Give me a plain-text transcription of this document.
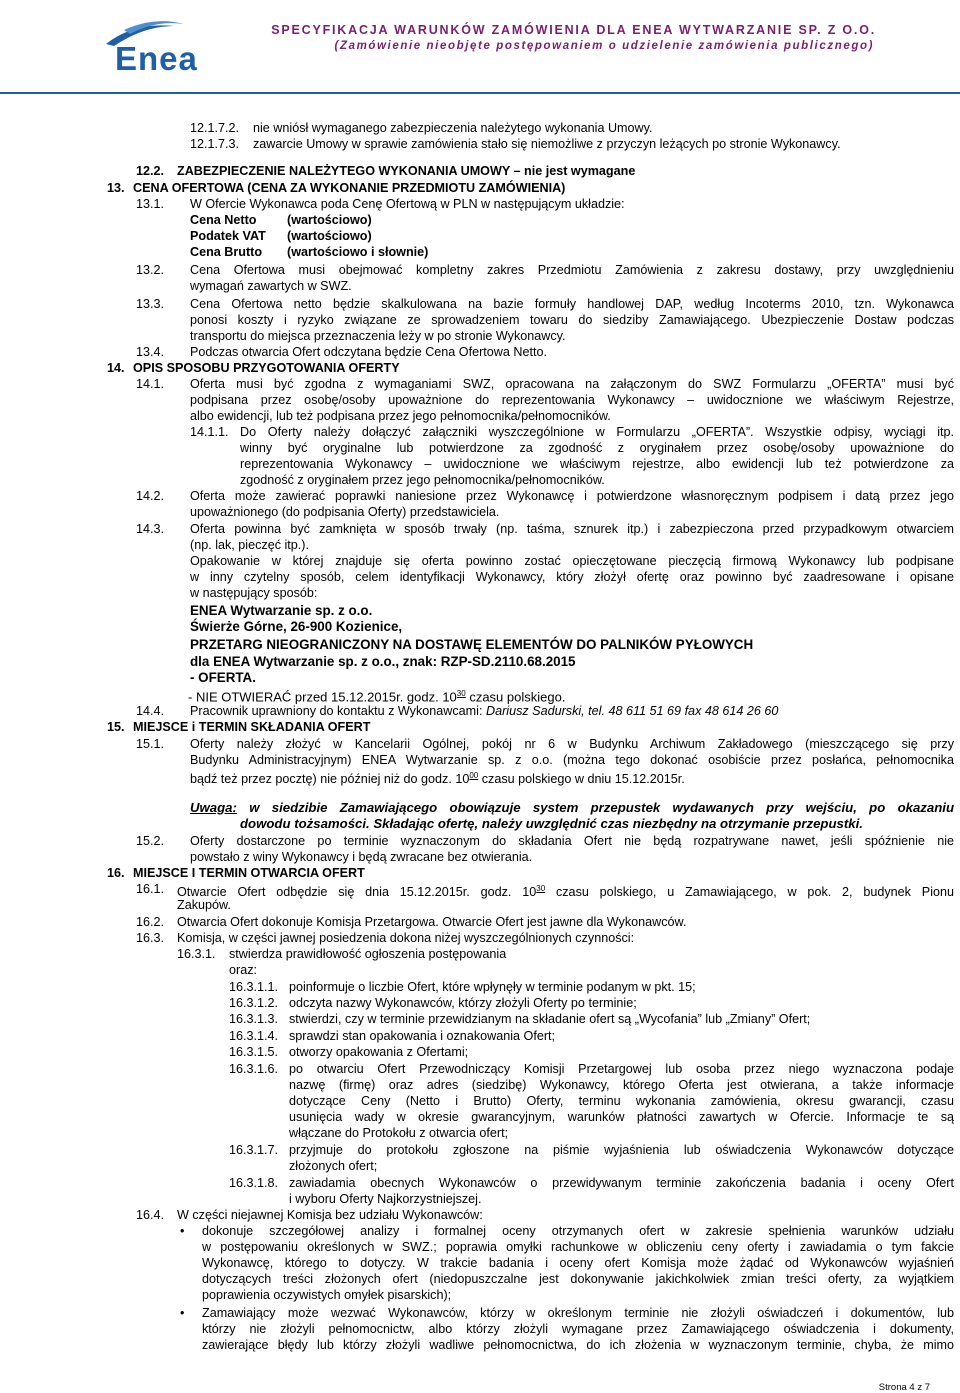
Enea
SPECYFIKACJA WARUNKÓW ZAMÓWIENIA DLA ENEA WYTWARZANIE SP. Z O.O.
(Zamówienie nieobjęte postępowaniem o udzielenie zamówienia publicznego)
12.1.7.2. nie wniósł wymaganego zabezpieczenia należytego wykonania Umowy.
12.1.7.3. zawarcie Umowy w sprawie zamówienia stało się niemożliwe z przyczyn leżących po stronie Wykonawcy.
12.2. ZABEZPIECZENIE NALEŻYTEGO WYKONANIA UMOWY – nie jest wymagane
13. CENA OFERTOWA (CENA ZA WYKONANIE PRZEDMIOTU ZAMÓWIENIA)
13.1. W Ofercie Wykonawca poda Cenę Ofertową w PLN w następującym układzie:
Cena Netto (wartościowo)
Podatek VAT (wartościowo)
Cena Brutto (wartościowo i słownie)
13.2. Cena Ofertowa musi obejmować kompletny zakres Przedmiotu Zamówienia z zakresu dostawy, przy uwzględnieniu
wymagań zawartych w SWZ.
13.3. Cena Ofertowa netto będzie skalkulowana na bazie formuły handlowej DAP, według Incoterms 2010, tzn. Wykonawca
ponosi koszty i ryzyko związane ze sprowadzeniem towaru do siedziby Zamawiającego. Ubezpieczenie Dostaw podczas
transportu do miejsca przeznaczenia leży w po stronie Wykonawcy.
13.4. Podczas otwarcia Ofert odczytana będzie Cena Ofertowa Netto.
14. OPIS SPOSOBU PRZYGOTOWANIA OFERTY
14.1. Oferta musi być zgodna z wymaganiami SWZ, opracowana na załączonym do SWZ Formularzu „OFERTA” musi być
podpisana przez osobę/osoby upoważnione do reprezentowania Wykonawcy – uwidocznione we właściwym Rejestrze,
albo ewidencji, lub też podpisana przez jego pełnomocnika/pełnomocników.
14.1.1. Do Oferty należy dołączyć załączniki wyszczególnione w Formularzu „OFERTA”. Wszystkie odpisy, wyciągi itp.
winny być oryginalne lub potwierdzone za zgodność z oryginałem przez osobę/osoby upoważnione do
reprezentowania Wykonawcy – uwidocznione we właściwym rejestrze, albo ewidencji lub też potwierdzone za
zgodność z oryginałem przez jego pełnomocnika/pełnomocników.
14.2. Oferta może zawierać poprawki naniesione przez Wykonawcę i potwierdzone własnoręcznym podpisem i datą przez jego
upoważnionego (do podpisania Oferty) przedstawiciela.
14.3. Oferta powinna być zamknięta w sposób trwały (np. taśma, sznurek itp.) i zabezpieczona przed przypadkowym otwarciem
(np. lak, pieczęć itp.).
Opakowanie w której znajduje się oferta powinno zostać opieczętowane pieczęcią firmową Wykonawcy lub podpisane
w inny czytelny sposób, celem identyfikacji Wykonawcy, który złożył ofertę oraz powinno być zaadresowane i opisane
w następujący sposób:
ENEA Wytwarzanie sp. z o.o.
Świerże Górne, 26-900 Kozienice,
PRZETARG NIEOGRANICZONY NA DOSTAWĘ ELEMENTÓW DO PALNIKÓW PYŁOWYCH
dla ENEA Wytwarzanie sp. z o.o., znak: RZP-SD.2110.68.2015
- OFERTA.
- NIE OTWIERAĆ przed 15.12.2015r. godz. $10^{30}$ czasu polskiego.
14.4. Pracownik uprawniony do kontaktu z Wykonawcami: Dariusz Sadurski, tel. 48 611 51 69 fax 48 614 26 60
15. MIEJSCE i TERMIN SKŁADANIA OFERT
15.1. Oferty należy złożyć w Kancelarii Ogólnej, pokój nr 6 w Budynku Archiwum Zakładowego (mieszczącego się przy
Budynku Administracyjnym) ENEA Wytwarzanie sp. z o.o. (można tego dokonać osobiście przez posłańca, pełnomocnika
bądź też przez pocztę) nie później niż do godz. $10^{00}$ czasu polskiego w dniu 15.12.2015r.
Uwaga: w siedzibie Zamawiającego obowiązuje system przepustek wydawanych przy wejściu, po okazaniu
dowodu tożsamości. Składając ofertę, należy uwzględnić czas niezbędny na otrzymanie przepustki.
15.2. Oferty dostarczone po terminie wyznaczonym do składania Ofert nie będą rozpatrywane nawet, jeśli spóźnienie nie
powstało z winy Wykonawcy i będą zwracane bez otwierania.
16. MIEJSCE I TERMIN OTWARCIA OFERT
16.1. Otwarcie Ofert odbędzie się dnia 15.12.2015r. godz. $10^{30}$ czasu polskiego, u Zamawiającego, w pok. 2, budynek Pionu
Zakupów.
16.2. Otwarcia Ofert dokonuje Komisja Przetargowa. Otwarcie Ofert jest jawne dla Wykonawców.
16.3. Komisja, w części jawnej posiedzenia dokona niżej wyszczególnionych czynności:
16.3.1. stwierdza prawidłowość ogłoszenia postępowania
oraz:
16.3.1.1. poinformuje o liczbie Ofert, które wpłynęły w terminie podanym w pkt. 15;
16.3.1.2. odczyta nazwy Wykonawców, którzy złożyli Oferty po terminie;
16.3.1.3. stwierdzi, czy w terminie przewidzianym na składanie ofert są „Wycofania” lub „Zmiany” Ofert;
16.3.1.4. sprawdzi stan opakowania i oznakowania Ofert;
16.3.1.5. otworzy opakowania z Ofertami;
16.3.1.6. po otwarciu Ofert Przewodniczący Komisji Przetargowej lub osoba przez niego wyznaczona podaje
nazwę (firmę) oraz adres (siedzibę) Wykonawcy, którego Oferta jest otwierana, a także informacje
dotyczące Ceny (Netto i Brutto) Oferty, terminu wykonania zamówienia, okresu gwarancji, czasu
usunięcia wady w okresie gwarancyjnym, warunków płatności zawartych w Ofercie. Informacje te są
włączane do Protokołu z otwarcia ofert;
16.3.1.7. przyjmuje do protokołu zgłoszone na piśmie wyjaśnienia lub oświadczenia Wykonawców dotyczące
złożonych ofert;
16.3.1.8. zawiadamia obecnych Wykonawców o przewidywanym terminie zakończenia badania i oceny Ofert
i wyboru Oferty Najkorzystniejszej.
16.4. W części niejawnej Komisja bez udziału Wykonawców:
• dokonuje szczegółowej analizy i formalnej oceny otrzymanych ofert w zakresie spełnienia warunków udziału
w postępowaniu określonych w SWZ.; poprawia omyłki rachunkowe w obliczeniu ceny oferty i zawiadamia o tym fakcie
Wykonawcę, którego to dotyczy. W trakcie badania i oceny ofert Komisja może żądać od Wykonawców wyjaśnień
dotyczących treści złożonych ofert (niedopuszczalne jest dokonywanie jakichkolwiek zmian treści oferty, za wyjątkiem
poprawienia oczywistych omyłek pisarskich);
• Zamawiający może wezwać Wykonawców, którzy w określonym terminie nie złożyli oświadczeń i dokumentów, lub
którzy nie złożyli pełnomocnictw, albo którzy złożyli wymagane przez Zamawiającego oświadczenia i dokumenty,
zawierające błędy lub którzy złożyli wadliwe pełnomocnictwa, do ich złożenia w wyznaczonym terminie, chyba, że mimo
Strona 4 z 7
